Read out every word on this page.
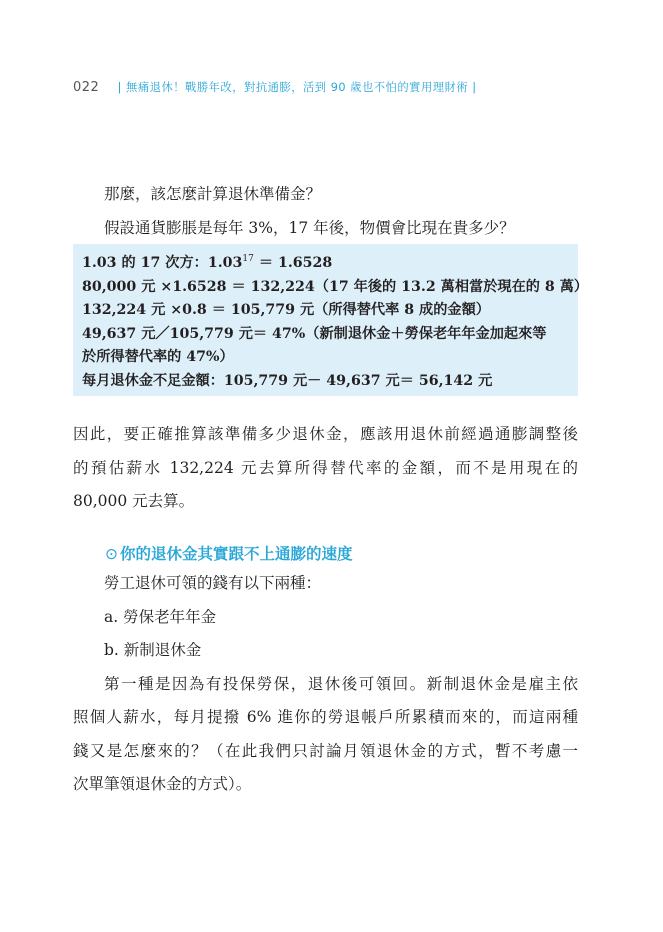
022 | 無痛退休！戰勝年改，對抗通膨，活到 90 歲也不怕的實用理財術 |
那麼，該怎麼計算退休準備金？
假設通貨膨脹是每年 3%，17 年後，物價會比現在貴多少？
1.03 的 17 次方：$1.03^{17} = 1.6528$
80,000 元 ×1.6528 ＝ 132,224（17 年後的 13.2 萬相當於現在的 8 萬）
132,224 元 ×0.8 ＝ 105,779 元（所得替代率 8 成的金額）
49,637 元／105,779 元＝ 47%（新制退休金＋勞保老年年金加起來等
於所得替代率的 47%）
每月退休金不足金額：105,779 元－ 49,637 元＝ 56,142 元
因此，要正確推算該準備多少退休金，應該用退休前經過通膨調整後
的預估薪水 132,224 元去算所得替代率的金額，而不是用現在的
80,000 元去算。
⊙ 你的退休金其實跟不上通膨的速度
勞工退休可領的錢有以下兩種：
a. 勞保老年年金
b. 新制退休金
第一種是因為有投保勞保，退休後可領回。新制退休金是雇主依
照個人薪水，每月提撥 6% 進你的勞退帳戶所累積而來的，而這兩種
錢又是怎麼來的？（在此我們只討論月領退休金的方式，暫不考慮一
次單筆領退休金的方式）。
